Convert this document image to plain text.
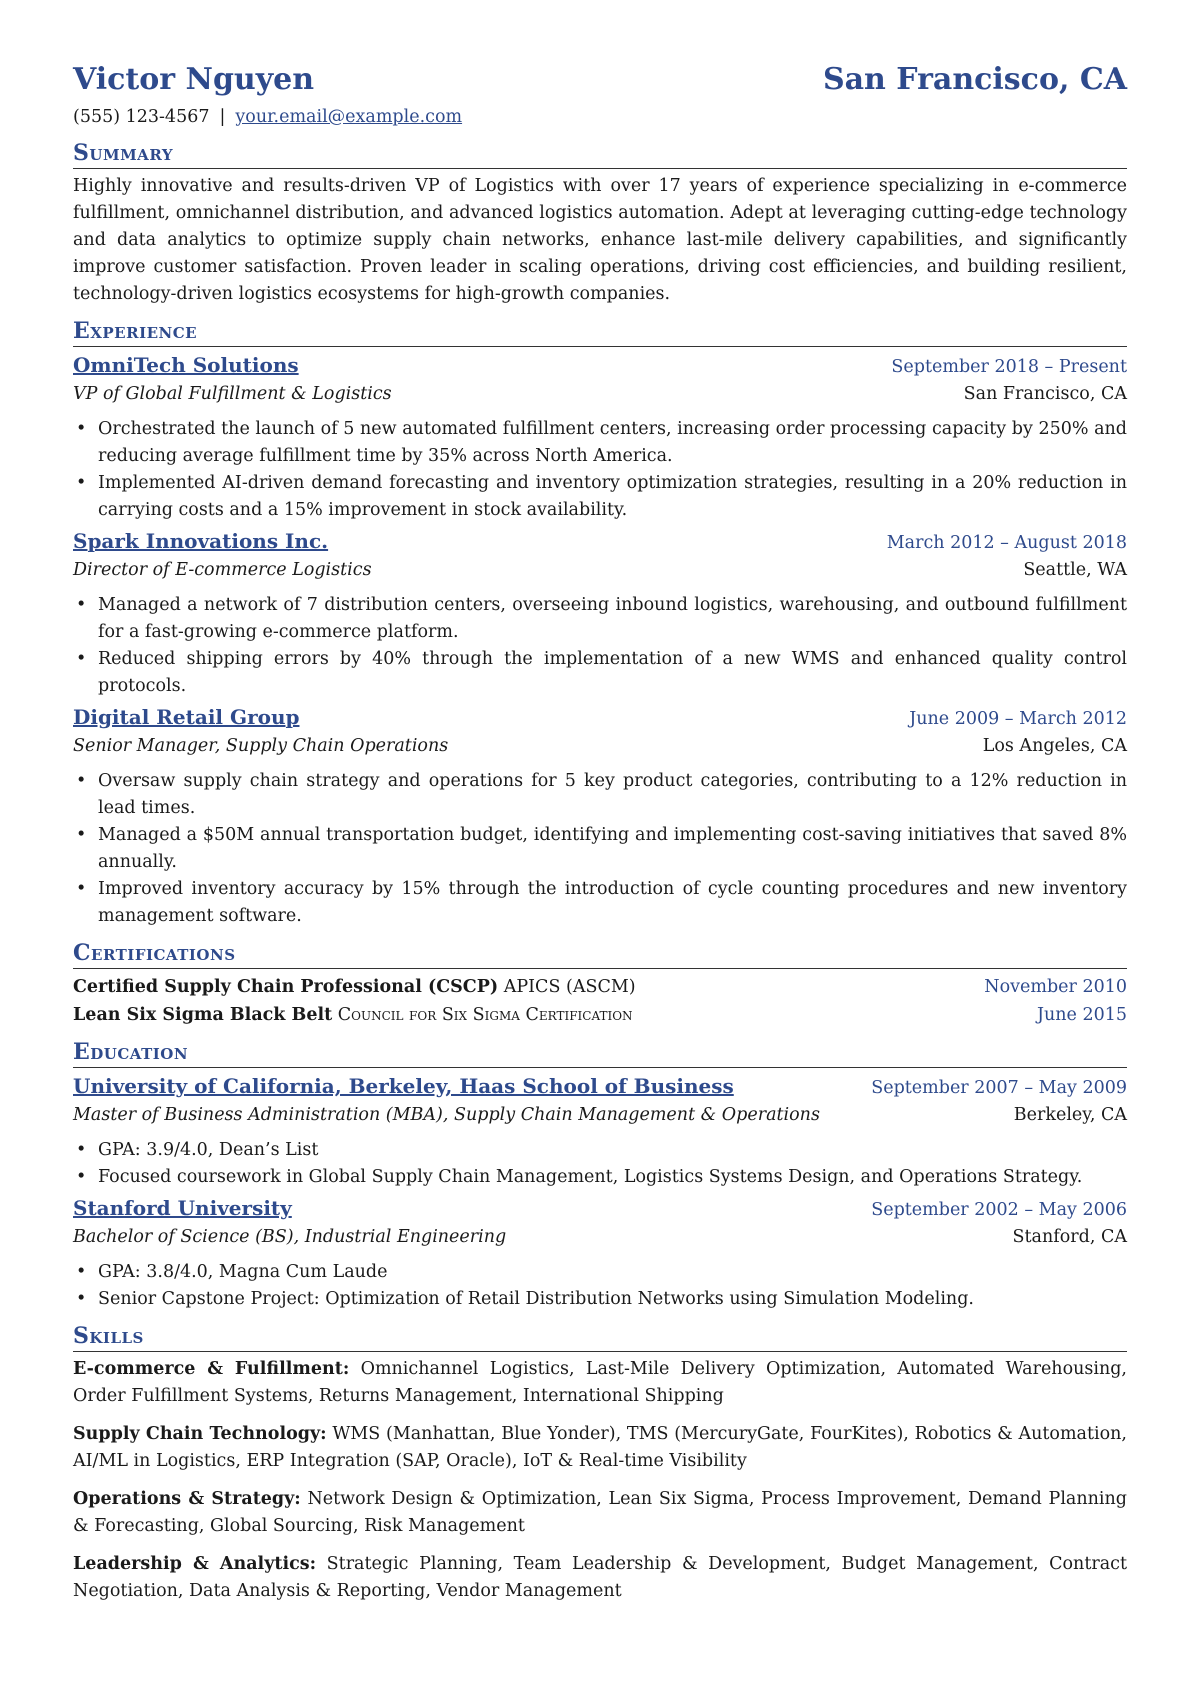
Victor Nguyen	San Francisco, CA
(555) 123-4567 | your.email@example.com
Summary

Highly innovative and results-driven VP of Logistics with over 17 years of experience specializing in e-commerce fulfillment, omnichannel distribution, and advanced logistics automation. Adept at leveraging cutting-edge technology and data analytics to optimize supply chain networks, enhance last-mile delivery capabilities, and significantly improve customer satisfaction. Proven leader in scaling operations, driving cost efficiencies, and building resilient, technology-driven logistics ecosystems for high-growth companies.

Experience
OmniTech Solutions	September 2018 – Present
VP of Global Fulfillment & Logistics	San Francisco, CA
• Orchestrated the launch of 5 new automated fulfillment centers, increasing order processing capacity by 250% and reducing average fulfillment time by 35% across North America.
• Implemented AI-driven demand forecasting and inventory optimization strategies, resulting in a 20% reduction in carrying costs and a 15% improvement in stock availability.
Spark Innovations Inc.	March 2012 – August 2018
Director of E-commerce Logistics	Seattle, WA
• Managed a network of 7 distribution centers, overseeing inbound logistics, warehousing, and outbound fulfillment for a fast-growing e-commerce platform.
• Reduced shipping errors by 40% through the implementation of a new WMS and enhanced quality control protocols.
Digital Retail Group	June 2009 – March 2012
Senior Manager, Supply Chain Operations	Los Angeles, CA
• Oversaw supply chain strategy and operations for 5 key product categories, contributing to a 12% reduction in lead times.
• Managed a $50M annual transportation budget, identifying and implementing cost-saving initiatives that saved 8% annually.
• Improved inventory accuracy by 15% through the introduction of cycle counting procedures and new inventory management software.
Certifications
Certified Supply Chain Professional (CSCP) APICS (ASCM)	November 2010
Lean Six Sigma Black Belt Council for Six Sigma Certification	June 2015
Education
University of California, Berkeley, Haas School of Business	September 2007 – May 2009
Master of Business Administration (MBA), Supply Chain Management & Operations	Berkeley, CA
• GPA: 3.9/4.0, Dean’s List
• Focused coursework in Global Supply Chain Management, Logistics Systems Design, and Operations Strategy.
Stanford University	September 2002 – May 2006
Bachelor of Science (BS), Industrial Engineering	Stanford, CA
• GPA: 3.8/4.0, Magna Cum Laude
• Senior Capstone Project: Optimization of Retail Distribution Networks using Simulation Modeling.
Skills
E-commerce & Fulfillment: Omnichannel Logistics, Last-Mile Delivery Optimization, Automated Warehousing, Order Fulfillment Systems, Returns Management, International Shipping
Supply Chain Technology: WMS (Manhattan, Blue Yonder), TMS (MercuryGate, FourKites), Robotics & Automation, AI/ML in Logistics, ERP Integration (SAP, Oracle), IoT & Real-time Visibility
Operations & Strategy: Network Design & Optimization, Lean Six Sigma, Process Improvement, Demand Planning & Forecasting, Global Sourcing, Risk Management
Leadership & Analytics: Strategic Planning, Team Leadership & Development, Budget Management, Contract Negotiation, Data Analysis & Reporting, Vendor Management
